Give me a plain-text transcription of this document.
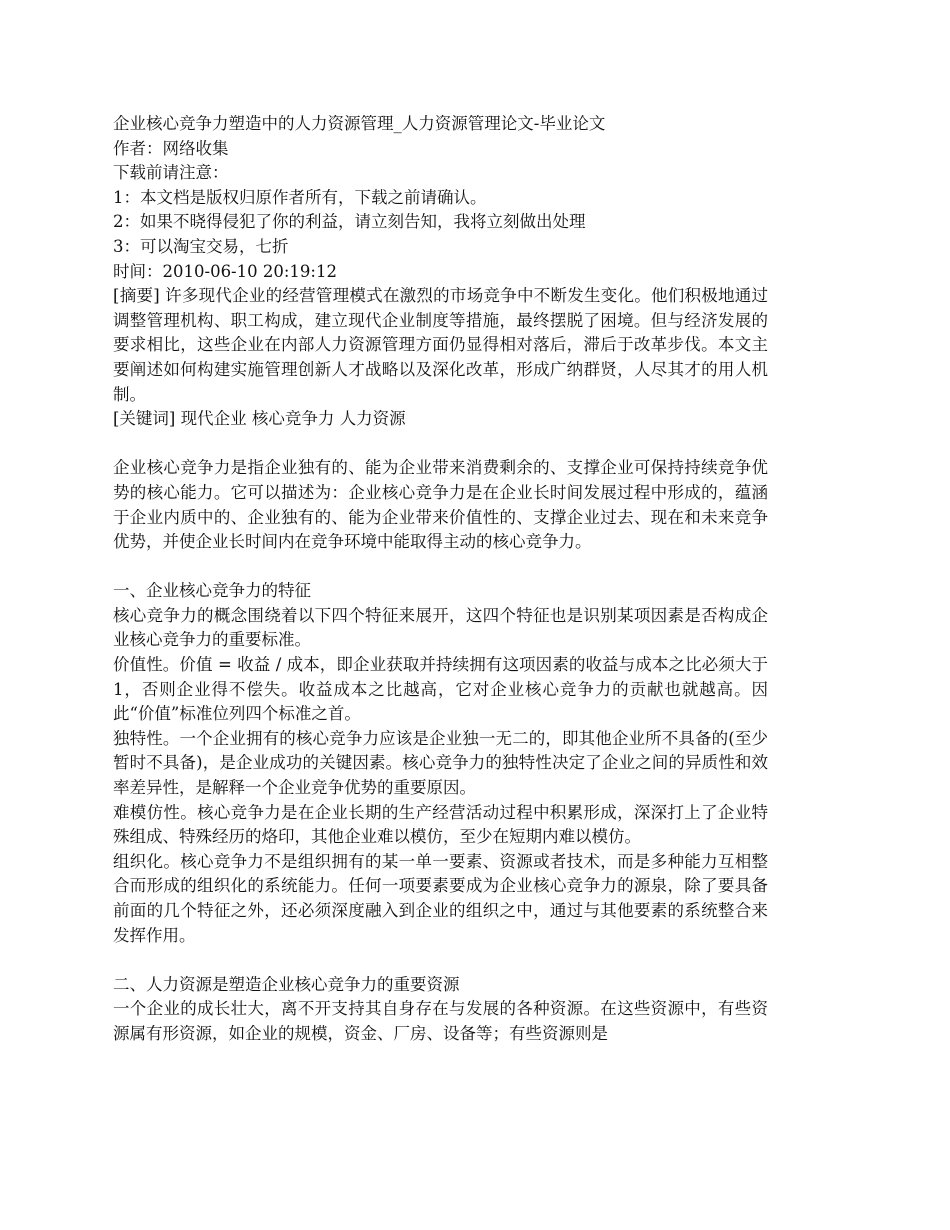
企业核心竞争力塑造中的人力资源管理_人力资源管理论文-毕业论文
作者：网络收集
下载前请注意：
1：本文档是版权归原作者所有，下载之前请确认。
2：如果不晓得侵犯了你的利益，请立刻告知，我将立刻做出处理
3：可以淘宝交易，七折
时间：2010-06-10 20:19:12
[摘要] 许多现代企业的经营管理模式在激烈的市场竞争中不断发生变化。他们积极地通过调整管理机构、职工构成，建立现代企业制度等措施，最终摆脱了困境。但与经济发展的要求相比，这些企业在内部人力资源管理方面仍显得相对落后，滞后于改革步伐。本文主要阐述如何构建实施管理创新人才战略以及深化改革，形成广纳群贤，人尽其才的用人机制。
[关键词] 现代企业 核心竞争力 人力资源
企业核心竞争力是指企业独有的、能为企业带来消费剩余的、支撑企业可保持持续竞争优势的核心能力。它可以描述为：企业核心竞争力是在企业长时间发展过程中形成的，蕴涵于企业内质中的、企业独有的、能为企业带来价值性的、支撑企业过去、现在和未来竞争优势，并使企业长时间内在竞争环境中能取得主动的核心竞争力。
一、企业核心竞争力的特征
核心竞争力的概念围绕着以下四个特征来展开，这四个特征也是识别某项因素是否构成企业核心竞争力的重要标准。
价值性。价值 = 收益 / 成本，即企业获取并持续拥有这项因素的收益与成本之比必须大于1，否则企业得不偿失。收益成本之比越高，它对企业核心竞争力的贡献也就越高。因此“价值”标准位列四个标准之首。
独特性。一个企业拥有的核心竞争力应该是企业独一无二的，即其他企业所不具备的(至少暂时不具备)，是企业成功的关键因素。核心竞争力的独特性决定了企业之间的异质性和效率差异性，是解释一个企业竞争优势的重要原因。
难模仿性。核心竞争力是在企业长期的生产经营活动过程中积累形成，深深打上了企业特殊组成、特殊经历的烙印，其他企业难以模仿，至少在短期内难以模仿。
组织化。核心竞争力不是组织拥有的某一单一要素、资源或者技术，而是多种能力互相整合而形成的组织化的系统能力。任何一项要素要成为企业核心竞争力的源泉，除了要具备前面的几个特征之外，还必须深度融入到企业的组织之中，通过与其他要素的系统整合来发挥作用。
二、人力资源是塑造企业核心竞争力的重要资源
一个企业的成长壮大，离不开支持其自身存在与发展的各种资源。在这些资源中，有些资源属有形资源，如企业的规模，资金、厂房、设备等；有些资源则是
